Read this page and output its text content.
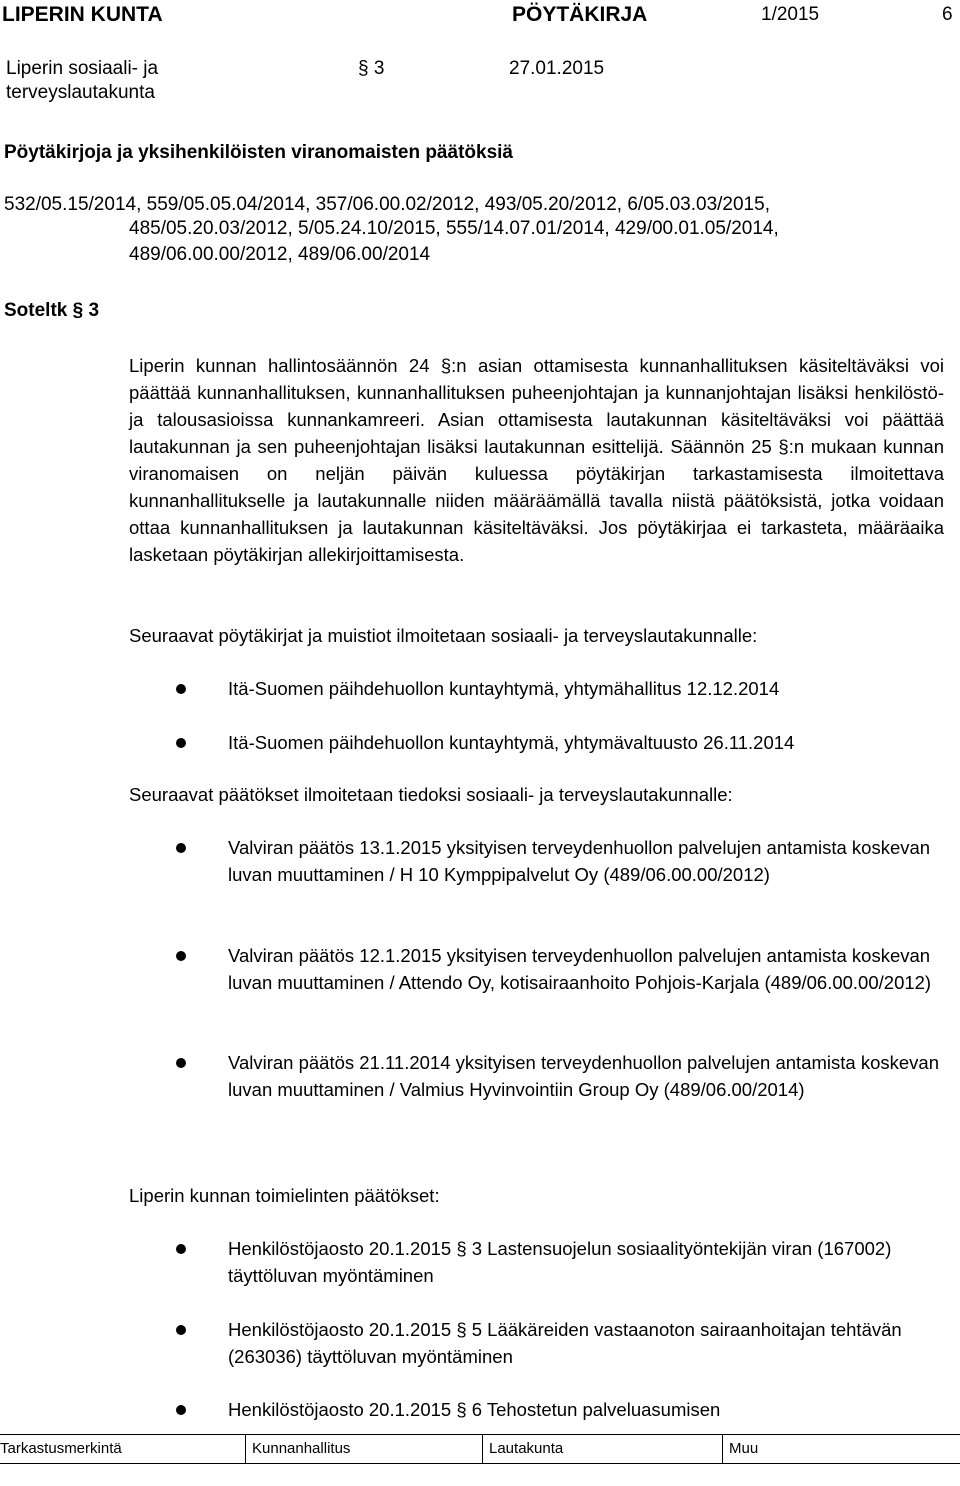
LIPERIN KUNTA	PÖYTÄKIRJA	1/2015	6
Liperin sosiaali- ja
terveyslautakunta
§ 3	27.01.2015
Pöytäkirjoja ja yksihenkilöisten viranomaisten päätöksiä
532/05.15/2014, 559/05.05.04/2014, 357/06.00.02/2012, 493/05.20/2012, 6/05.03.03/2015,
485/05.20.03/2012, 5/05.24.10/2015, 555/14.07.01/2014, 429/00.01.05/2014,
489/06.00.00/2012, 489/06.00/2014
Soteltk § 3
Liperin kunnan hallintosäännön 24 §:n asian ottamisesta kunnanhallituksen käsiteltäväksi voi päättää kunnanhallituksen, kunnanhallituksen puheenjohtajan ja kunnanjohtajan lisäksi henkilöstö- ja talousasioissa kunnankamreeri. Asian ottamisesta lautakunnan käsiteltäväksi voi päättää lautakunnan ja sen puheenjohtajan lisäksi lautakunnan esittelijä. Säännön 25 §:n mukaan kunnan viranomaisen on neljän päivän kuluessa pöytäkirjan tarkastamisesta ilmoitettava kunnanhallitukselle ja lautakunnalle niiden määräämällä tavalla niistä päätöksistä, jotka voidaan ottaa kunnanhallituksen ja lautakunnan käsiteltäväksi. Jos pöytäkirjaa ei tarkasteta, määräaika lasketaan pöytäkirjan allekirjoittamisesta.
Seuraavat pöytäkirjat ja muistiot ilmoitetaan sosiaali- ja terveyslautakunnalle:
Itä-Suomen päihdehuollon kuntayhtymä, yhtymähallitus 12.12.2014
Itä-Suomen päihdehuollon kuntayhtymä, yhtymävaltuusto 26.11.2014
Seuraavat päätökset ilmoitetaan tiedoksi sosiaali- ja terveyslautakunnalle:
Valviran päätös 13.1.2015 yksityisen terveydenhuollon palvelujen antamista koskevan luvan muuttaminen / H 10 Kymppipalvelut Oy (489/06.00.00/2012)
Valviran päätös 12.1.2015 yksityisen terveydenhuollon palvelujen antamista koskevan luvan muuttaminen / Attendo Oy, kotisairaanhoito Pohjois-Karjala (489/06.00.00/2012)
Valviran päätös 21.11.2014 yksityisen terveydenhuollon palvelujen antamista koskevan luvan muuttaminen / Valmius Hyvinvointiin Group Oy (489/06.00/2014)
Liperin kunnan toimielinten päätökset:
Henkilöstöjaosto 20.1.2015 § 3 Lastensuojelun sosiaalityöntekijän viran (167002) täyttöluvan myöntäminen
Henkilöstöjaosto 20.1.2015 § 5 Lääkäreiden vastaanoton sairaanhoitajan tehtävän (263036) täyttöluvan myöntäminen
Henkilöstöjaosto 20.1.2015 § 6 Tehostetun palveluasumisen
Tarkastusmerkintä	Kunnanhallitus	Lautakunta	Muu
